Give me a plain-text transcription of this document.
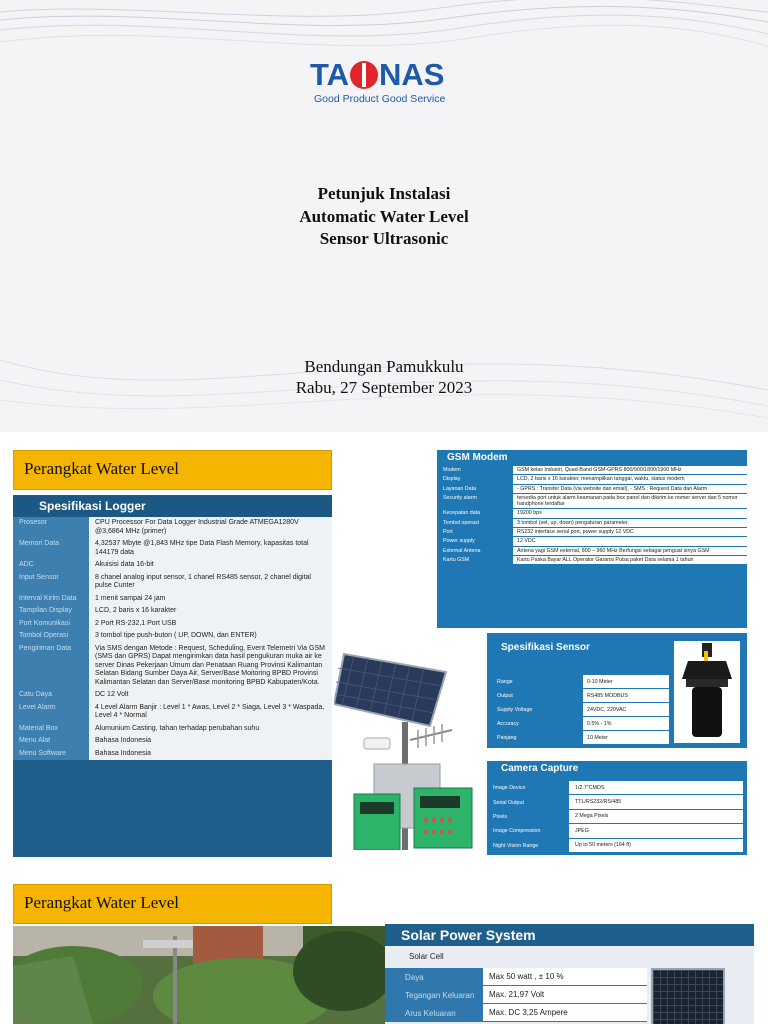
TA NAS
Good Product Good Service
Petunjuk Instalasi
Automatic Water Level
Sensor Ultrasonic
Bendungan Pamukkulu
Rabu, 27 September 2023
Perangkat Water Level
Spesifikasi Logger
Prosesor	CPU Processor For Data Logger Industrial Grade ATMEGA1280V @3,6864 MHz (primer)
Memori Data	4,32537 Mbyte @1,843 MHz tipe Data Flash Memory, kapasitas total 144179 data
ADC	Akuisisi data 16-bit
Input Sensor	8 chanel analog input sensor, 1 chanel RS485 sensor, 2 chanel digital pulse Cunter
Interval Kirim Data	1 menit sampai 24 jam
Tampilan Display	LCD, 2 baris x 16 karakter
Port Komunikasi	2 Port RS-232,1 Port USB
Tombol Operasi	3 tombol tipe push-buton ( UP, DOWN, dan ENTER)
Pengiriman Data	Via SMS dengan Metode : Request, Scheduling, Event Telemetri Via GSM (SMS dan GPRS) Dapat mengirimkan data hasil pengukuran muka air ke server Dinas Pekerjaan Umum dan Penataan Ruang Provinsi Kalimantan Selatan Bidang Sumber Daya Air, Server/Base Moitoring BPBD Provinsi Kalimantan Selatan dan Server/Base monitoring BPBD Kabupaten/Kota.
Catu Daya	DC 12 Volt
Level Alarm	4 Level Alarm Banjir : Level 1 * Awas, Level 2 * Siaga, Level 3 * Waspada, Level 4 * Normal
Material Box	Alumunium Casting, tahan terhadap perubahan suhu
Menu Alat	Bahasa Indonesia
Menu Software	Bahasa Indonesia
GSM Modem
Modem	GSM kelas Industri, Quad-Band GSM-GPRS 800/900/1800/1900 MHz
Display	LCD, 2 baris x 16 karakter, menampilkan tanggal, waktu, status modem
Layanan Data	- GPRS : Transfer Data (via website dan email), - SMS : Request Data dan Alarm
Security alarm	tersedia port untuk alarm keamanan pada box panel dan dikirim ke nomer server dan 5 nomor handphone terdaftar
Kecepatan data	19200 bps
Tombol operasi	3 tombol (set, up, down) pengaturan parameter.
Port	RS232 interface serial port, power supply 12 VDC
Power supply	12 VDC
External Antena	Antena yagi GSM external, 800 – 960 MHz Berfungsi sebagai penguat sinya GSM
Kartu GSM	Kartu Paska Bayar ALL Operator Garansi Pulsa paket Data selama 1 tahun
Spesifikasi Sensor
Range	0-10 Meter
Output	RS485 MODBUS
Supply Voltage	24VDC, 220VAC
Accuracy	0.5% - 1%
Panjang	10 Meter
Camera Capture
Image Device	1/2.7"CMOS
Serial Output	TTL/RS232/RS/485
Pixels	2 Mega Pixels
Image Compression	JPEG
Night Vision Range	Up to 50 meters (164 ft)
Perangkat Water Level
Solar Power System
Solar Cell
Daya	Max 50 watt , ± 10 %
Tegangan Keluaran	Max. 21,97 Volt
Arus Keluaran	Max. DC 3,25 Ampere
